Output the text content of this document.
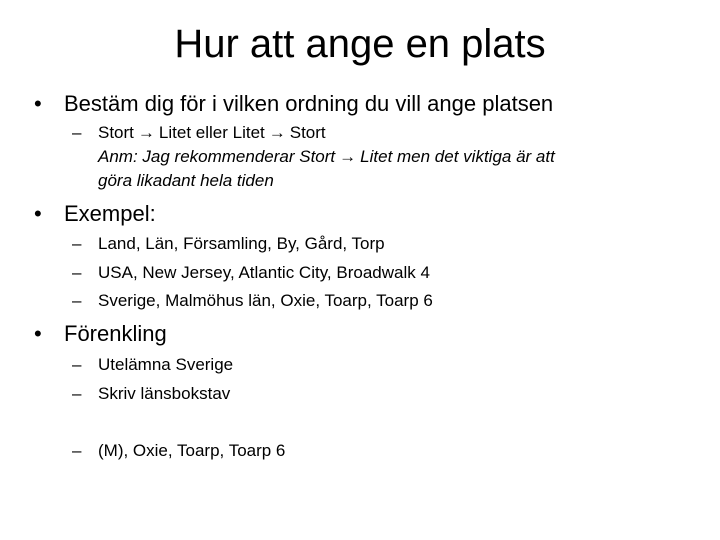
Hur att ange en plats
• Bestäm dig för i vilken ordning du vill ange platsen
– Stort → Litet eller Litet → Stort
Anm: Jag rekommenderar Stort → Litet men det viktiga är att
göra likadant hela tiden
• Exempel:
– Land, Län, Församling, By, Gård, Torp
– USA, New Jersey, Atlantic City, Broadwalk 4
– Sverige, Malmöhus län, Oxie, Toarp, Toarp 6
• Förenkling
– Utelämna Sverige
– Skriv länsbokstav
– (M), Oxie, Toarp, Toarp 6
